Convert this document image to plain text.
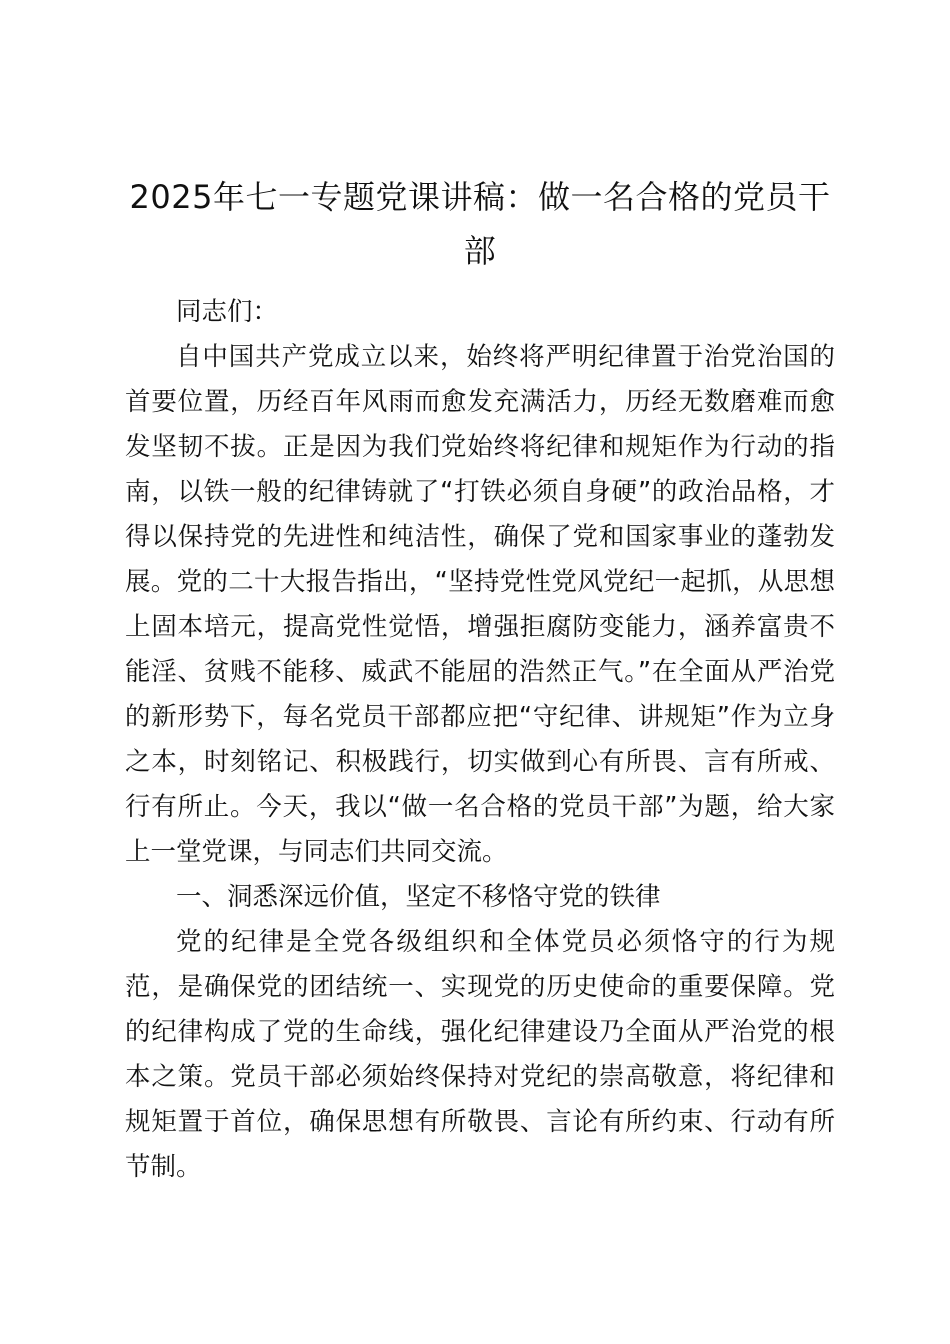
2025年七一专题党课讲稿：做一名合格的党员干部

同志们：

自中国共产党成立以来，始终将严明纪律置于治党治国的首要位置，历经百年风雨而愈发充满活力，历经无数磨难而愈发坚韧不拔。正是因为我们党始终将纪律和规矩作为行动的指南，以铁一般的纪律铸就了“打铁必须自身硬”的政治品格，才得以保持党的先进性和纯洁性，确保了党和国家事业的蓬勃发展。党的二十大报告指出，“坚持党性党风党纪一起抓，从思想上固本培元，提高党性觉悟，增强拒腐防变能力，涵养富贵不能淫、贫贱不能移、威武不能屈的浩然正气。”在全面从严治党的新形势下，每名党员干部都应把“守纪律、讲规矩”作为立身之本，时刻铭记、积极践行，切实做到心有所畏、言有所戒、行有所止。今天，我以“做一名合格的党员干部”为题，给大家上一堂党课，与同志们共同交流。

一、洞悉深远价值，坚定不移恪守党的铁律

党的纪律是全党各级组织和全体党员必须恪守的行为规范，是确保党的团结统一、实现党的历史使命的重要保障。党的纪律构成了党的生命线，强化纪律建设乃全面从严治党的根本之策。党员干部必须始终保持对党纪的崇高敬意，将纪律和规矩置于首位，确保思想有所敬畏、言论有所约束、行动有所节制。
